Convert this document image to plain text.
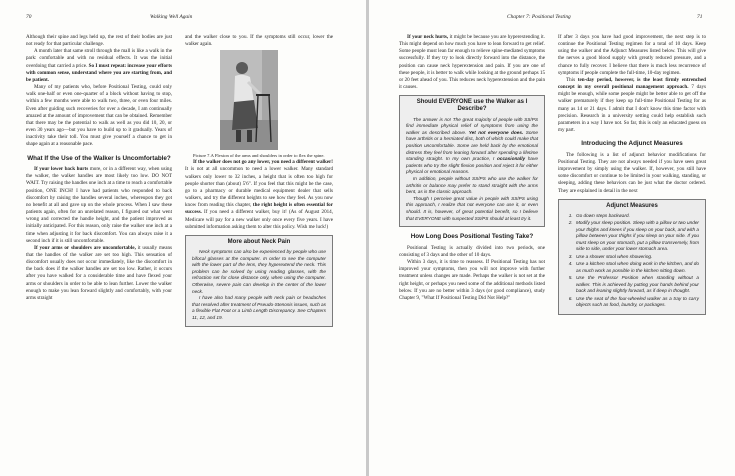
70	Walking Well Again

Although their spine and legs held up, the rest of their bodies are just not ready for that particular challenge.

A month later that same stroll through the mall is like a walk in the park: comfortable and with no residual effects. It was the initial overdoing that carried a price. So I must repeat: increase your efforts with common sense, understand where you are starting from, and be patient.

Many of my patients who, before Positional Testing, could only walk one-half or even one-quarter of a block without having to stop, within a few months were able to walk two, three, or even four miles. Even after guiding such recoveries for over a decade, I am continually amazed at the amount of improvement that can be obtained. Remember that there may be the potential to walk as well as you did 10, 20, or even 30 years ago—but you have to build up to it gradually. Years of inactivity take their toll. You must give yourself a chance to get in shape again at a reasonable pace.

What If the Use of the Walker Is Uncomfortable?

If your lower back hurts more, or in a different way, when using the walker, the walker handles are most likely too low. DO NOT WAIT. Try raising the handles one inch at a time to reach a comfortable position, ONE INCH! I have had patients who responded to back discomfort by raising the handles several inches, whereupon they got no benefit at all and gave up on the whole process. When I saw these patients again, often for an unrelated reason, I figured out what went wrong and corrected the handle height, and the patient improved as initially anticipated. For this reason, only raise the walker one inch at a time when adjusting it for back discomfort. You can always raise it a second inch if it is still uncomfortable.

If your arms or shoulders are uncomfortable, it usually means that the handles of the walker are set too high. This sensation of discomfort usually does not occur immediately, like the discomfort in the back does if the walker handles are set too low. Rather, it occurs after you have walked for a considerable time and have flexed your arms or shoulders in order to be able to lean further. Lower the walker enough to make you lean forward slightly and comfortably, with your arms straight

and the walker close to you. If the symptoms still occur, lower the walker again.

Picture 7.A Flexion of the arms and shoulders in order to flex the spine.

If the walker does not go any lower, you need a different walker! It is not at all uncommon to need a lower walker. Many standard walkers only lower to 32 inches, a height that is often too high for people shorter than (about) 5'6". If you feel that this might be the case, go to a pharmacy or durable medical equipment dealer that sells walkers, and try the different heights to see how they feel. As you now know from reading this chapter, the right height is often essential for success. If you need a different walker, buy it! (As of August 2014, Medicare will pay for a new walker only once every five years. I have submitted information asking them to alter this policy. Wish me luck!)

More about Neck Pain

Neck symptoms can also be experienced by people who use bifocal glasses at the computer. In order to see the computer with the lower part of the lens, they hyperextend the neck. This problem can be solved by using reading glasses, with the refraction set for close distance only, when using the computer. Otherwise, severe pain can develop in the center of the lower neck.

I have also had many people with neck pain or headaches that resolved after treatment of Pseudo-Stenosis issues, such as a flexible Flat Foot or a Limb Length Discrepancy. See Chapters 11, 12, and 19.

Chapter 7: Positional Testing	71

If your neck hurts, it might be because you are hyperextending it. This might depend on how much you have to lean forward to get relief. Some people must lean far enough to relieve spine-mediated symptoms successfully. If they try to look directly forward into the distance, the position can cause neck hyperextension and pain. If you are one of these people, it is better to walk while looking at the ground perhaps 15 or 20 feet ahead of you. This reduces neck hyperextension and the pain it causes.

Should EVERYONE use the Walker as I Describe?

The answer is no! The great majority of people with SS/PS find immediate physical relief of symptoms from using the walker as described above. Yet not everyone does. Some have arthritis or a herniated disc, both of which could make that position uncomfortable. Some are held back by the emotional distress they feel from leaning forward after spending a lifetime standing straight. In my own practice, I occasionally have patients who try the slight flexion position and reject it for either physical or emotional reasons.

In addition, people without SS/PS who use the walker for arthritis or balance may prefer to stand straight with the arms bent, as is the classic approach.

Though I perceive great value in people with SS/PS using this approach, I realize that not everyone can use it, or even should. It is, however, of great potential benefit, so I believe that EVERYONE with suspected SS/PS should at least try it.

How Long Does Positional Testing Take?

Positional Testing is actually divided into two periods, one consisting of 3 days and the other of 10 days.

Within 3 days, it is time to reassess. If Positional Testing has not improved your symptoms, then you will not improve with further treatment unless changes are made. Perhaps the walker is not set at the right height, or perhaps you need some of the additional methods listed below. If you are no better within 3 days (or good compliance), study Chapter 9, "What If Positional Testing Did Not Help?"

If after 3 days you have had good improvement, the next step is to continue the Positional Testing regimen for a total of 10 days. Keep using the walker and the Adjunct Measures listed below. This will give the nerves a good blood supply with greatly reduced pressure, and a chance to fully recover. I believe that there is much less recurrence of symptoms if people complete the full-time, 10-day regimen.

This ten-day period, however, is the least firmly entrenched concept in my overall positional management approach. 7 days might be enough, while some people might be better able to get off the walker prematurely if they keep up full-time Positional Testing for as many as 14 or 21 days. I admit that I don't know this time factor with precision. Research in a university setting could help establish such parameters in a way I have not. So far, this is only an educated guess on my part.

Introducing the Adjunct Measures

The following is a list of adjunct behavior modifications for Positional Testing. They are not always needed if you have seen great improvement by simply using the walker. If, however, you still have some discomfort or continue to be limited in your walking, standing, or sleeping, adding these behaviors can be just what the doctor ordered. They are explained in detail in the next

Adjunct Measures
1. Go down steps backward.
2. Modify your sleep position. Sleep with a pillow or two under your thighs and knees if you sleep on your back, and with a pillow between your thighs if you sleep on your side. If you must sleep on your stomach, put a pillow transversely, from side to side, under your lower stomach area.
3. Use a shower stool when showering.
4. Use a kitchen stool when doing work in the kitchen, and do as much work as possible in the kitchen sitting down.
5. Use the Professor Position when standing without a walker. This is achieved by putting your hands behind your back and leaning slightly forward, as if deep in thought.
6. Use the seat of the four-wheeled walker as a tray to carry objects such as food, laundry, or packages.
